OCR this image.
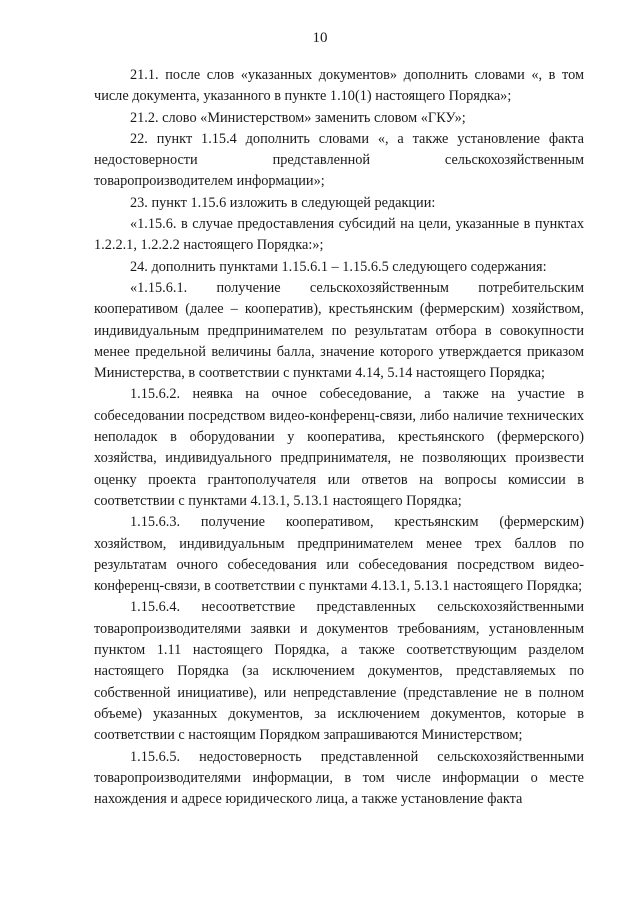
10

21.1. после слов «указанных документов» дополнить словами «, в том числе документа, указанного в пункте 1.10(1) настоящего Порядка»;

21.2. слово «Министерством» заменить словом «ГКУ»;

22. пункт 1.15.4 дополнить словами «, а также установление факта недостоверности представленной сельскохозяйственным товаропроизводителем информации»;

23. пункт 1.15.6 изложить в следующей редакции:

«1.15.6. в случае предоставления субсидий на цели, указанные в пунктах 1.2.2.1, 1.2.2.2 настоящего Порядка:»;

24. дополнить пунктами 1.15.6.1 – 1.15.6.5 следующего содержания:

«1.15.6.1. получение сельскохозяйственным потребительским кооперативом (далее – кооператив), крестьянским (фермерским) хозяйством, индивидуальным предпринимателем по результатам отбора в совокупности менее предельной величины балла, значение которого утверждается приказом Министерства, в соответствии с пунктами 4.14, 5.14 настоящего Порядка;

1.15.6.2. неявка на очное собеседование, а также на участие в собеседовании посредством видео-конференц-связи, либо наличие технических неполадок в оборудовании у кооператива, крестьянского (фермерского) хозяйства, индивидуального предпринимателя, не позволяющих произвести оценку проекта грантополучателя или ответов на вопросы комиссии в соответствии с пунктами 4.13.1, 5.13.1 настоящего Порядка;

1.15.6.3. получение кооперативом, крестьянским (фермерским) хозяйством, индивидуальным предпринимателем менее трех баллов по результатам очного собеседования или собеседования посредством видео-конференц-связи, в соответствии с пунктами 4.13.1, 5.13.1 настоящего Порядка;

1.15.6.4. несоответствие представленных сельскохозяйственными товаропроизводителями заявки и документов требованиям, установленным пунктом 1.11 настоящего Порядка, а также соответствующим разделом настоящего Порядка (за исключением документов, представляемых по собственной инициативе), или непредставление (представление не в полном объеме) указанных документов, за исключением документов, которые в соответствии с настоящим Порядком запрашиваются Министерством;

1.15.6.5. недостоверность представленной сельскохозяйственными товаропроизводителями информации, в том числе информации о месте нахождения и адресе юридического лица, а также установление факта
